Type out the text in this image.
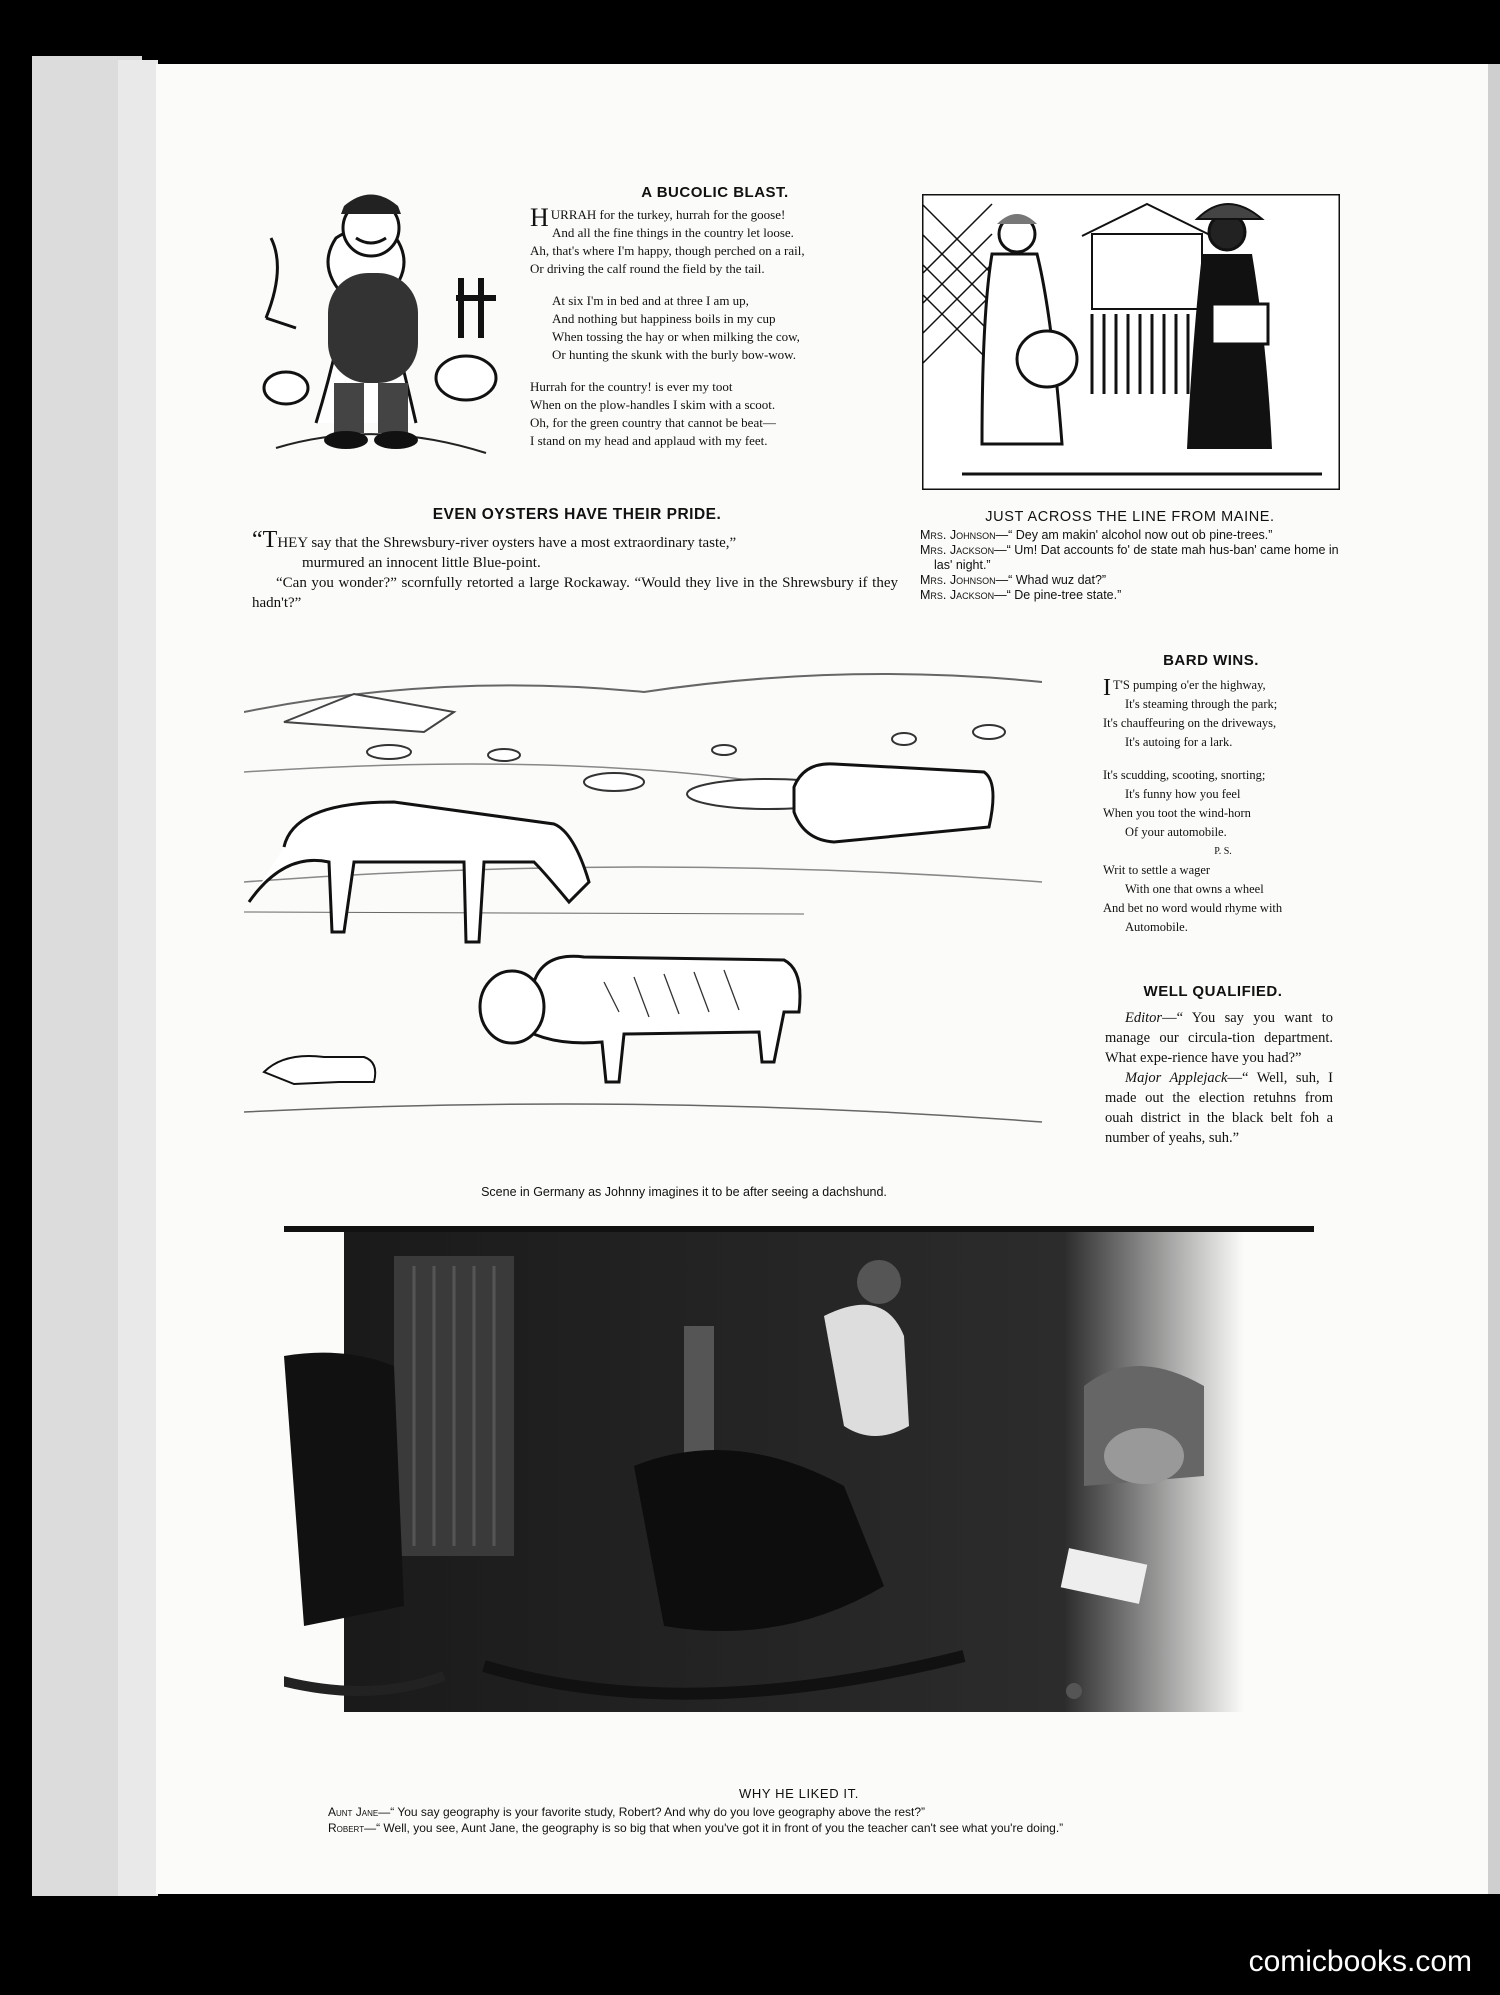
A BUCOLIC BLAST.
H URRAH for the turkey, hurrah for the goose!
And all the fine things in the country let loose.
Ah, that's where I'm happy, though perched on a rail,
Or driving the calf round the field by the tail.
At six I'm in bed and at three I am up,
And nothing but happiness boils in my cup
When tossing the hay or when milking the cow,
Or hunting the skunk with the burly bow-wow.
Hurrah for the country! is ever my toot
When on the plow-handles I skim with a scoot.
Oh, for the green country that cannot be beat—
I stand on my head and applaud with my feet.
EVEN OYSTERS HAVE THEIR PRIDE.
“THEY say that the Shrewsbury-river oysters have a most extraordinary taste,”
murmured an innocent little Blue-point.
“Can you wonder?” scornfully retorted a large Rockaway. “Would they live in the Shrewsbury if they hadn't?”
JUST ACROSS THE LINE FROM MAINE.
Mrs. Johnson—“ Dey am makin' alcohol now out ob pine-trees.”
Mrs. Jackson—“ Um! Dat accounts fo' de state mah hus-ban' came home in las' night.”
Mrs. Johnson—“ Whad wuz dat?”
Mrs. Jackson—“ De pine-tree state.”
Scene in Germany as Johnny imagines it to be after seeing a dachshund.
BARD WINS.
I T'S pumping o'er the highway,
It's steaming through the park;
It's chauffeuring on the driveways,
It's autoing for a lark.
It's scudding, scooting, snorting;
It's funny how you feel
When you toot the wind-horn
Of your automobile.
P. S.
Writ to settle a wager
With one that owns a wheel
And bet no word would rhyme with
Automobile.
WELL QUALIFIED.
Editor—“ You say you want to manage our circula-tion department. What expe-rience have you had?”
Major Applejack—“ Well, suh, I made out the election retuhns from ouah district in the black belt foh a number of yeahs, suh.”
WHY HE LIKED IT.
Aunt Jane—“ You say geography is your favorite study, Robert? And why do you love geography above the rest?”
Robert—“ Well, you see, Aunt Jane, the geography is so big that when you've got it in front of you the teacher can't see what you're doing.”
comicbooks.com
